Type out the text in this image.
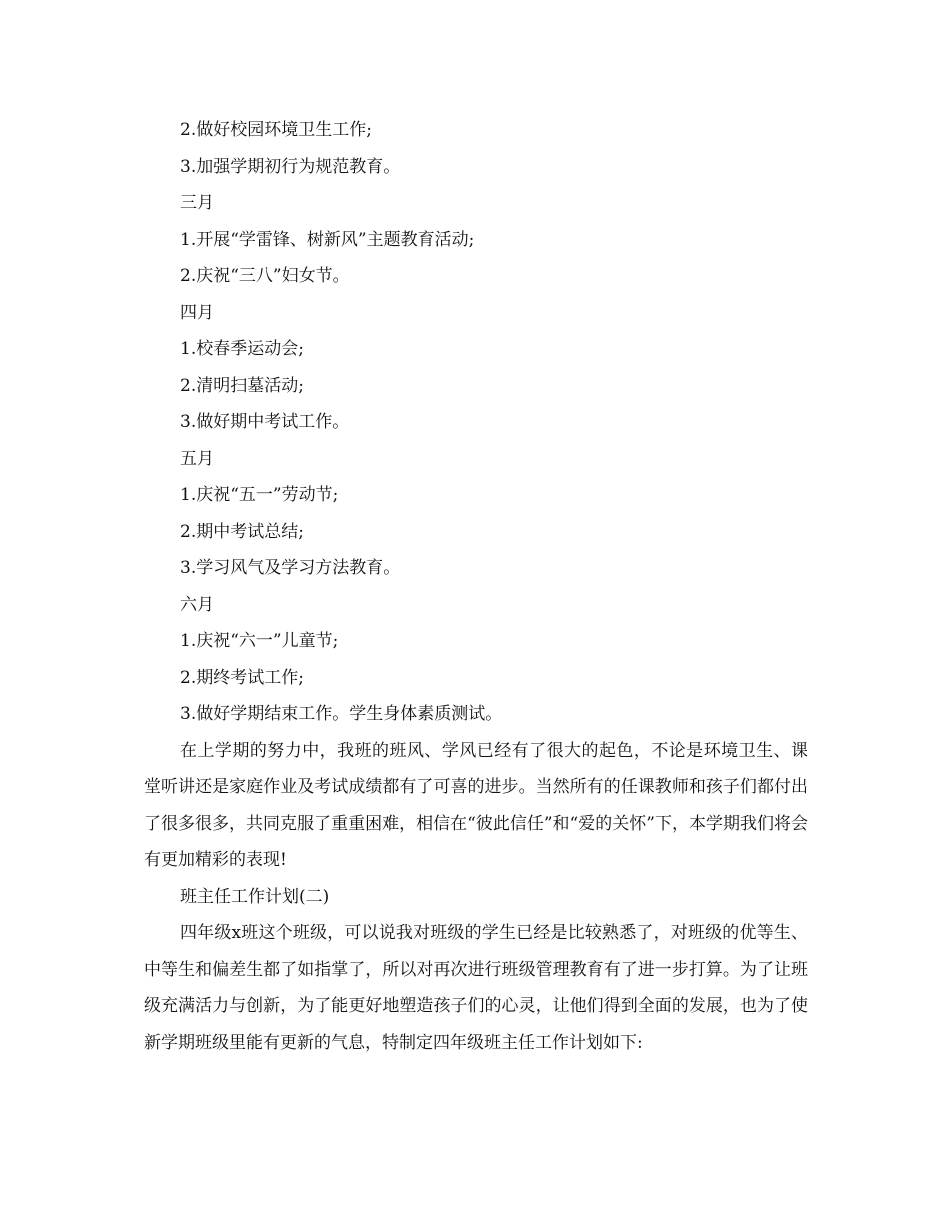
2.做好校园环境卫生工作;
3.加强学期初行为规范教育。
三月
1.开展“学雷锋、树新风”主题教育活动;
2.庆祝“三八”妇女节。
四月
1.校春季运动会;
2.清明扫墓活动;
3.做好期中考试工作。
五月
1.庆祝“五一”劳动节;
2.期中考试总结;
3.学习风气及学习方法教育。
六月
1.庆祝“六一”儿童节;
2.期终考试工作;
3.做好学期结束工作。学生身体素质测试。

在上学期的努力中，我班的班风、学风已经有了很大的起色，不论是环境卫生、课堂听讲还是家庭作业及考试成绩都有了可喜的进步。当然所有的任课教师和孩子们都付出了很多很多，共同克服了重重困难，相信在“彼此信任”和“爱的关怀”下，本学期我们将会有更加精彩的表现!

班主任工作计划(二)

四年级x班这个班级，可以说我对班级的学生已经是比较熟悉了，对班级的优等生、中等生和偏差生都了如指掌了，所以对再次进行班级管理教育有了进一步打算。为了让班级充满活力与创新，为了能更好地塑造孩子们的心灵，让他们得到全面的发展，也为了使新学期班级里能有更新的气息，特制定四年级班主任工作计划如下:
